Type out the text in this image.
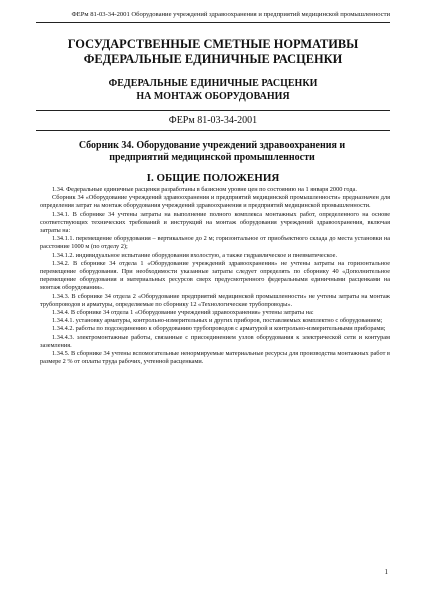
ФЕРм 81-03-34-2001 Оборудование учреждений здравоохранения и предприятий медицинской промышленности
ГОСУДАРСТВЕННЫЕ СМЕТНЫЕ НОРМАТИВЫ
ФЕДЕРАЛЬНЫЕ ЕДИНИЧНЫЕ РАСЦЕНКИ
ФЕДЕРАЛЬНЫЕ ЕДИНИЧНЫЕ РАСЦЕНКИ
НА МОНТАЖ ОБОРУДОВАНИЯ
ФЕРм 81-03-34-2001
Сборник 34. Оборудование учреждений здравоохранения и предприятий медицинской промышленности
I. ОБЩИЕ ПОЛОЖЕНИЯ

1.34. Федеральные единичные расценки разработаны в базисном уровне цен по состоянию на 1 января 2000 года.

Сборник 34 «Оборудование учреждений здравоохранения и предприятий медицинской промышленности» предназначен для определения затрат на монтаж оборудования учреждений здравоохранения и предприятий медицинской промышленности.

1.34.1. В сборнике 34 учтены затраты на выполнение полного комплекса монтажных работ, определенного на основе соответствующих технических требований и инструкций на монтаж оборудования учреждений здравоохранения, включая затраты на:

1.34.1.1. перемещение оборудования – вертикальное до 2 м; горизонтальное от приобъектного склада до места установки на расстояние 1000 м (по отделу 2);

1.34.1.2. индивидуальное испытание оборудования вхолостую, а также гидравлическое и пневматическое.

1.34.2. В сборнике 34 отдела 1 «Оборудование учреждений здравоохранения» не учтены затраты на горизонтальное перемещение оборудования. При необходимости указанные затраты следует определять по сборнику 40 «Дополнительное перемещение оборудования и материальных ресурсов сверх предусмотренного федеральными единичными расценками на монтаж оборудования».

1.34.3. В сборнике 34 отдела 2 «Оборудование предприятий медицинской промышленности» не учтены затраты на монтаж трубопроводов и арматуры, определяемые по сборнику 12 «Технологические трубопроводы».

1.34.4. В сборнике 34 отдела 1 «Оборудование учреждений здравоохранения» учтены затраты на:

1.34.4.1. установку арматуры, контрольно-измерительных и других приборов, поставляемых комплектно с оборудованием;

1.34.4.2. работы по подсоединению к оборудованию трубопроводов с арматурой и контрольно-измерительными приборами;

1.34.4.3. электромонтажные работы, связанные с присоединением узлов оборудования к электрической сети и контурам заземления.

1.34.5. В сборнике 34 учтены вспомогательные ненормируемые материальные ресурсы для производства монтажных работ в размере 2 % от оплаты труда рабочих, учтенной расценками.

1
